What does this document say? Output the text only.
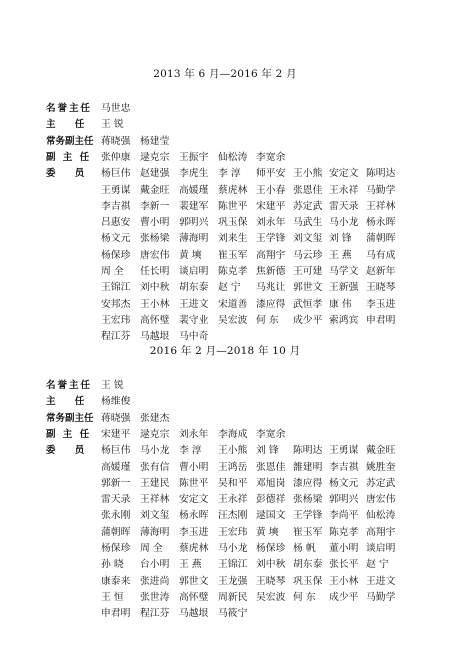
2013 年 6 月—2016 年 2 月
名誉主任 马世忠
主 任 王 锐
常务副主任 蒋晓强 杨建莹
副 主 任	张仲康 逯克宗 王振宇 仙松涛 李宽余
委 员 杨巨伟 赵建强 李虎生 李 淳	师平安 王小熊 安定文 陈明达
王勇谋 戴金旺 高媛瑾 蔡虎林 王小春 张恩佳 王永祥 马勤学
李吉祺 李新一 裴建军 陈世平 宋建平 苏定武 雷天录 王祥林
吕惠安 曹小明 郭明兴 巩玉保 刘永年 马武生 马小龙 杨永晖
杨文元 张杨梁 薄海明 刘来生 王学锋 刘文玺 刘 锋	蒲朝晖
杨保珍 唐宏伟 黄 塽	崔玉军 高翔宇 马云珍 王 燕	马有成
周 全	任长明 谈启明 陈克孝 焦新德 王可建 马学文 赵新年
王锦江 刘中秋 胡东泰 赵 宁	马兆让 郭世文 王新强 王晓琴
安邦杰 王小林 王进文 宋道善 漆应得 武恒孝 康 伟	李玉进
王宏玮 高怀璧 裴守业 吴宏波 何 东	成少平 索鸿宾 申君明
程江芬 马越垠 马中奇
2016 年 2 月—2018 年 10 月
名誉主任 王 锐
主 任 杨维俊
常务副主任 蒋晓强 张建杰
副 主 任	宋建平 逯克宗 刘永年 李海成 李宽余
委 员 杨巨伟 马小龙 李 淳	王小熊 刘 锋	陈明达 王勇谋 戴金旺
高媛瑾 张有信 曹小明 王鸿岳 张恩佳 雒建明 李吉祺 姚胜奎
郭新一 王建民 陈世平 吴和平 邓旭岗 漆应得 杨文元 苏定武
雷天录 王祥林 安定文 王永祥 彭德祥 张杨梁 郭明兴 唐宏伟
张永刚 刘文玺 杨永晖 汪杰刚 逯国文 王学锋 李尚平 仙松涛
蒲朝晖 薄海明 李玉进 王宏玮 黄 塽	崔玉军 陈克孝 高翔宇
杨保珍 周 全	蔡虎林 马小龙 杨保珍 杨 帆	董小明 谈启明
孙 晓	台小明 王 燕	王锦江 刘中秋 胡东泰 张长平 赵 宁
康泰来 张进尚 郭世文 王龙强 王晓琴 巩玉保 王小林 王进文
王 恒	张世涛 高怀璧 周新民 吴宏波 何 东	成少平 马勤学
申君明 程江芬 马越垠 马筱宁
